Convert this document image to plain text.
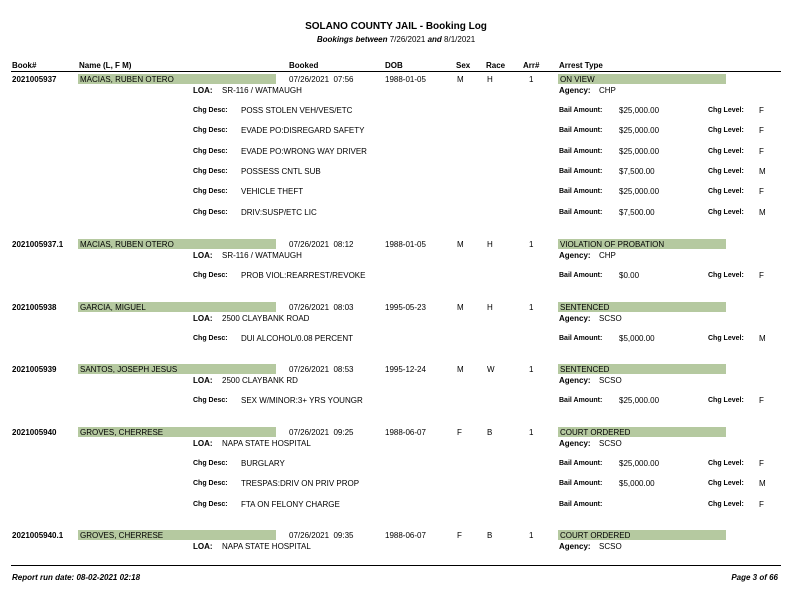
SOLANO COUNTY JAIL - Booking Log
Bookings between 7/26/2021 and 8/1/2021
Book#	Name (L, F M)	Booked	DOB	Sex Race Arr# Arrest Type
2021005937	MACIAS, RUBEN OTERO	07/26/2021  07:56	1988-01-05	M	H	1	ON VIEW
LOA: SR-116 / WATMAUGH	Agency: CHP
Chg Desc: POSS STOLEN VEH/VES/ETC	Bail Amount: $25,000.00	Chg Level: F
Chg Desc: EVADE PO:DISREGARD SAFETY	Bail Amount: $25,000.00	Chg Level: F
Chg Desc: EVADE PO:WRONG WAY DRIVER	Bail Amount: $25,000.00	Chg Level: F
Chg Desc: POSSESS CNTL SUB	Bail Amount: $7,500.00	Chg Level: M
Chg Desc: VEHICLE THEFT	Bail Amount: $25,000.00	Chg Level: F
Chg Desc: DRIV:SUSP/ETC LIC	Bail Amount: $7,500.00	Chg Level: M
2021005937.1 MACIAS, RUBEN OTERO	07/26/2021  08:12	1988-01-05	M	H	1	VIOLATION OF PROBATION
LOA: SR-116 / WATMAUGH	Agency: CHP
Chg Desc: PROB VIOL:REARREST/REVOKE	Bail Amount: $0.00	Chg Level: F
2021005938	GARCIA, MIGUEL	07/26/2021  08:03	1995-05-23	M	H	1	SENTENCED
LOA: 2500 CLAYBANK ROAD	Agency: SCSO
Chg Desc: DUI ALCOHOL/0.08 PERCENT	Bail Amount: $5,000.00	Chg Level: M
2021005939	SANTOS, JOSEPH JESUS	07/26/2021  08:53	1995-12-24	M	W	1	SENTENCED
LOA: 2500 CLAYBANK RD	Agency: SCSO
Chg Desc: SEX W/MINOR:3+ YRS YOUNGR	Bail Amount: $25,000.00	Chg Level: F
2021005940	GROVES, CHERRESE	07/26/2021  09:25	1988-06-07	F	B	1	COURT ORDERED
LOA: NAPA STATE HOSPITAL	Agency: SCSO
Chg Desc: BURGLARY	Bail Amount: $25,000.00	Chg Level: F
Chg Desc: TRESPAS:DRIV ON PRIV PROP	Bail Amount: $5,000.00	Chg Level: M
Chg Desc: FTA ON FELONY CHARGE	Bail Amount:	Chg Level: F
2021005940.1 GROVES, CHERRESE	07/26/2021  09:35	1988-06-07	F	B	1	COURT ORDERED
LOA: NAPA STATE HOSPITAL	Agency: SCSO
Report run date: 08-02-2021 02:18	Page 3 of 66
